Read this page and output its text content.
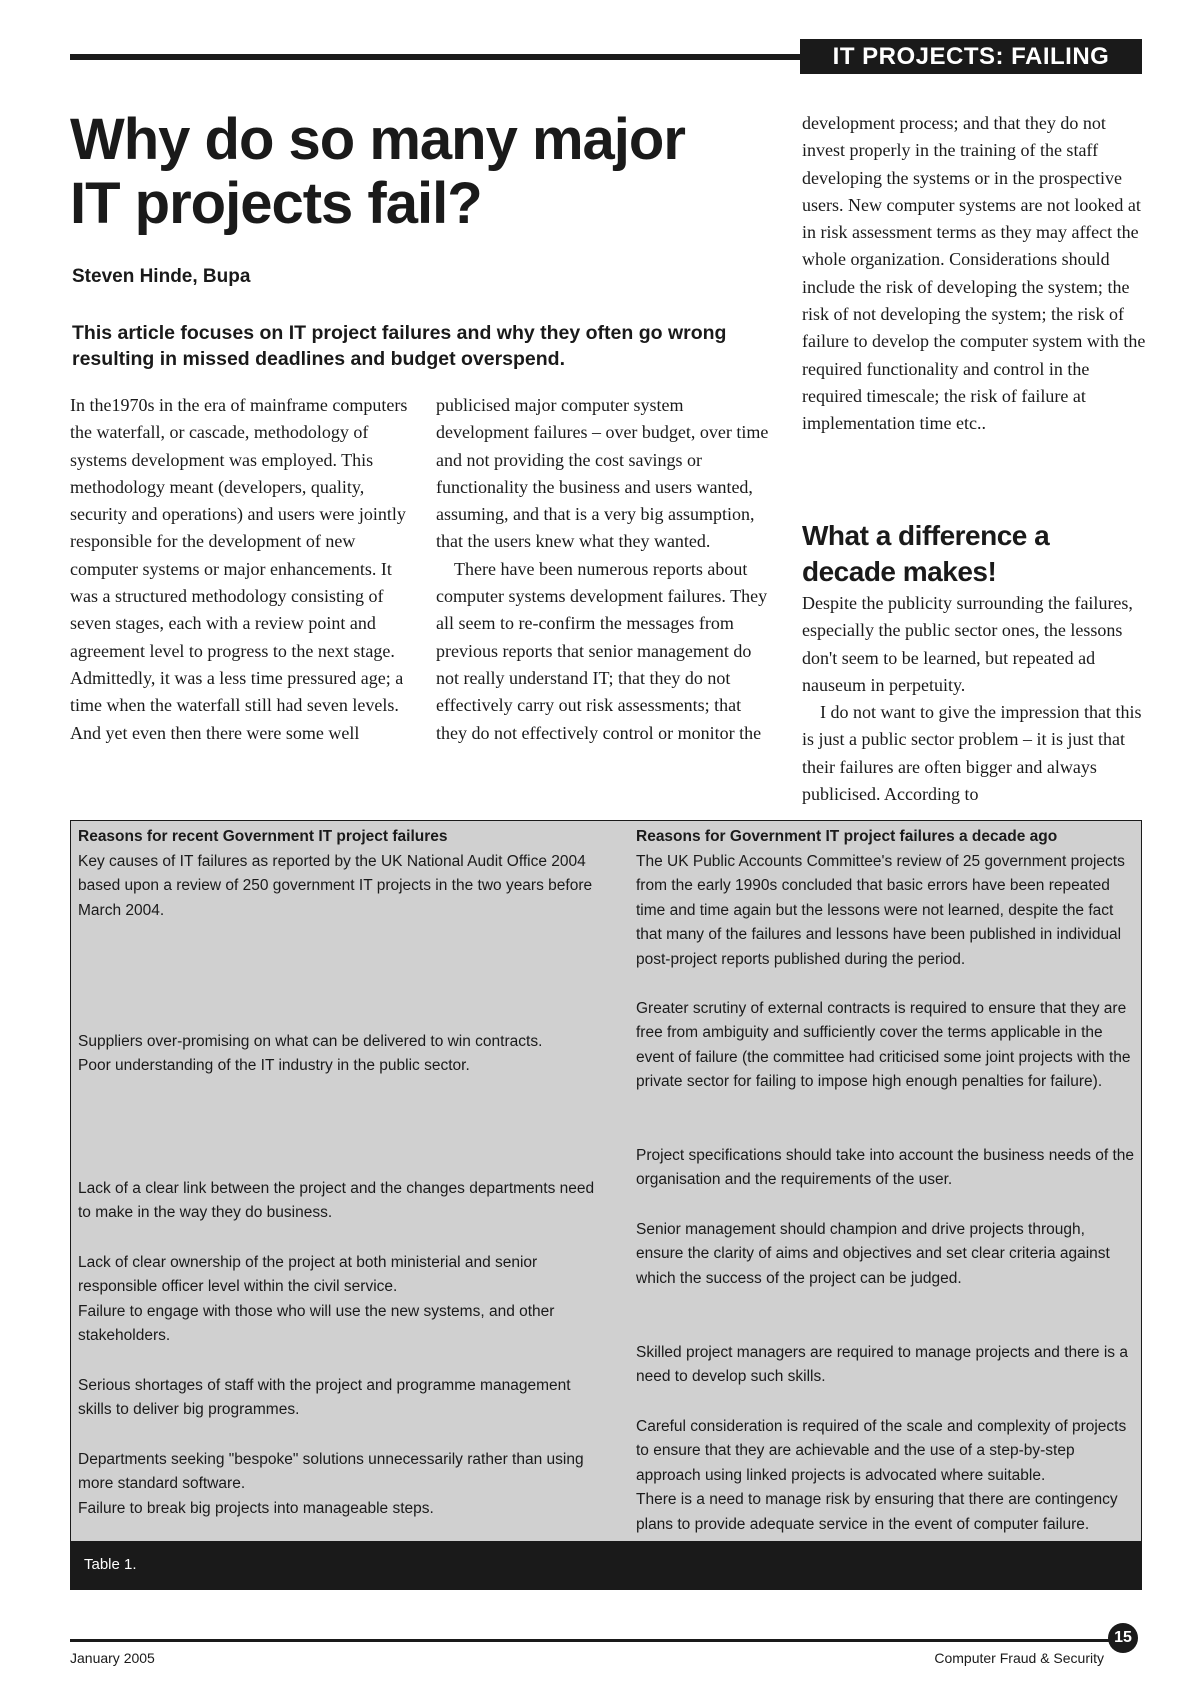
IT PROJECTS: FAILING
Why do so many major
IT projects fail?
Steven Hinde, Bupa
This article focuses on IT project failures and why they often go wrong resulting in missed deadlines and budget overspend.

In the1970s in the era of mainframe computers the waterfall, or cascade, methodology of systems development was employed. This methodology meant (developers, quality, security and operations) and users were jointly responsible for the development of new computer systems or major enhancements. It was a structured methodology consisting of seven stages, each with a review point and agreement level to progress to the next stage. Admittedly, it was a less time pressured age; a time when the waterfall still had seven levels. And yet even then there were some well

publicised major computer system development failures – over budget, over time and not providing the cost savings or functionality the business and users wanted, assuming, and that is a very big assumption, that the users knew what they wanted.

There have been numerous reports about computer systems development failures. They all seem to re-confirm the messages from previous reports that senior management do not really understand IT; that they do not effectively carry out risk assessments; that they do not effectively control or monitor the

development process; and that they do not invest properly in the training of the staff developing the systems or in the prospective users. New computer systems are not looked at in risk assessment terms as they may affect the whole organization. Considerations should include the risk of developing the system; the risk of not developing the system; the risk of failure to develop the computer system with the required functionality and control in the required timescale; the risk of failure at implementation time etc..

What a difference a decade makes!

Despite the publicity surrounding the failures, especially the public sector ones, the lessons don't seem to be learned, but repeated ad nauseum in perpetuity.

I do not want to give the impression that this is just a public sector problem – it is just that their failures are often bigger and always publicised. According to

Reasons for recent Government IT project failures
Key causes of IT failures as reported by the UK National Audit Office 2004 based upon a review of 250 government IT projects in the two years before March 2004.
Suppliers over-promising on what can be delivered to win contracts.
Poor understanding of the IT industry in the public sector.
Lack of a clear link between the project and the changes departments need to make in the way they do business.
Lack of clear ownership of the project at both ministerial and senior responsible officer level within the civil service.
Failure to engage with those who will use the new systems, and other stakeholders.
Serious shortages of staff with the project and programme management skills to deliver big programmes.
Departments seeking "bespoke" solutions unnecessarily rather than using more standard software.
Failure to break big projects into manageable steps.
Reasons for Government IT project failures a decade ago
The UK Public Accounts Committee's review of 25 government projects from the early 1990s concluded that basic errors have been repeated time and time again but the lessons were not learned, despite the fact that many of the failures and lessons have been published in individual post-project reports published during the period.
Greater scrutiny of external contracts is required to ensure that they are free from ambiguity and sufficiently cover the terms applicable in the event of failure (the committee had criticised some joint projects with the private sector for failing to impose high enough penalties for failure).
Project specifications should take into account the business needs of the organisation and the requirements of the user.
Senior management should champion and drive projects through, ensure the clarity of aims and objectives and set clear criteria against which the success of the project can be judged.
Skilled project managers are required to manage projects and there is a need to develop such skills.
Careful consideration is required of the scale and complexity of projects to ensure that they are achievable and the use of a step-by-step approach using linked projects is advocated where suitable.
There is a need to manage risk by ensuring that there are contingency plans to provide adequate service in the event of computer failure.
Table 1.
15
January 2005	Computer Fraud & Security
